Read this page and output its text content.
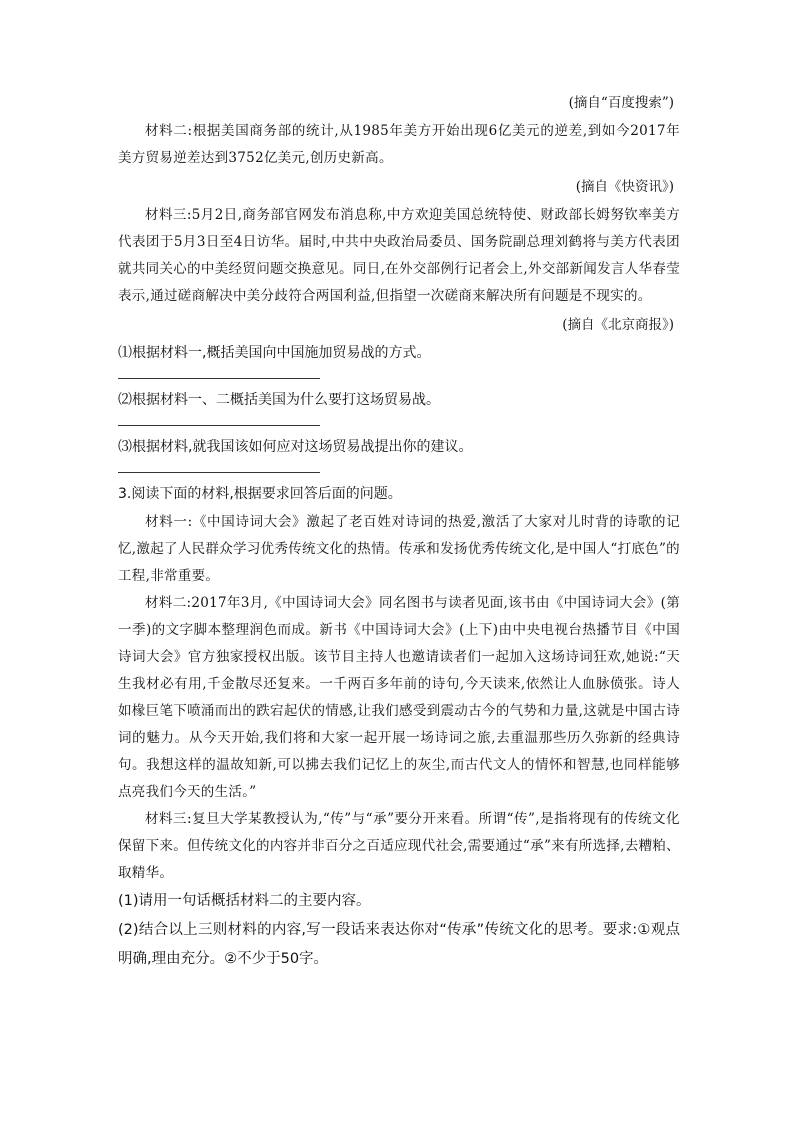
(摘自“百度搜索”)

材料二:根据美国商务部的统计,从1985年美方开始出现6亿美元的逆差,到如今2017年美方贸易逆差达到3752亿美元,创历史新高。

(摘自《快资讯》)

材料三:5月2日,商务部官网发布消息称,中方欢迎美国总统特使、财政部长姆努钦率美方代表团于5月3日至4日访华。届时,中共中央政治局委员、国务院副总理刘鹤将与美方代表团就共同关心的中美经贸问题交换意见。同日,在外交部例行记者会上,外交部新闻发言人华春莹表示,通过磋商解决中美分歧符合两国利益,但指望一次磋商来解决所有问题是不现实的。

(摘自《北京商报》)

⑴根据材料一,概括美国向中国施加贸易战的方式。

⑵根据材料一、二概括美国为什么要打这场贸易战。

⑶根据材料,就我国该如何应对这场贸易战提出你的建议。

3.阅读下面的材料,根据要求回答后面的问题。

材料一:《中国诗词大会》激起了老百姓对诗词的热爱,激活了大家对儿时背的诗歌的记忆,激起了人民群众学习优秀传统文化的热情。传承和发扬优秀传统文化,是中国人“打底色”的工程,非常重要。

材料二:2017年3月,《中国诗词大会》同名图书与读者见面,该书由《中国诗词大会》(第一季)的文字脚本整理润色而成。新书《中国诗词大会》(上下)由中央电视台热播节目《中国诗词大会》官方独家授权出版。该节目主持人也邀请读者们一起加入这场诗词狂欢,她说:“天生我材必有用,千金散尽还复来。一千两百多年前的诗句,今天读来,依然让人血脉偾张。诗人如椽巨笔下喷涌而出的跌宕起伏的情感,让我们感受到震动古今的气势和力量,这就是中国古诗词的魅力。从今天开始,我们将和大家一起开展一场诗词之旅,去重温那些历久弥新的经典诗句。我想这样的温故知新,可以拂去我们记忆上的灰尘,而古代文人的情怀和智慧,也同样能够点亮我们今天的生活。”

材料三:复旦大学某教授认为,“传”与“承”要分开来看。所谓“传”,是指将现有的传统文化保留下来。但传统文化的内容并非百分之百适应现代社会,需要通过“承”来有所选择,去糟粕、取精华。

(1)请用一句话概括材料二的主要内容。

(2)结合以上三则材料的内容,写一段话来表达你对“传承”传统文化的思考。要求:①观点明确,理由充分。②不少于50字。
